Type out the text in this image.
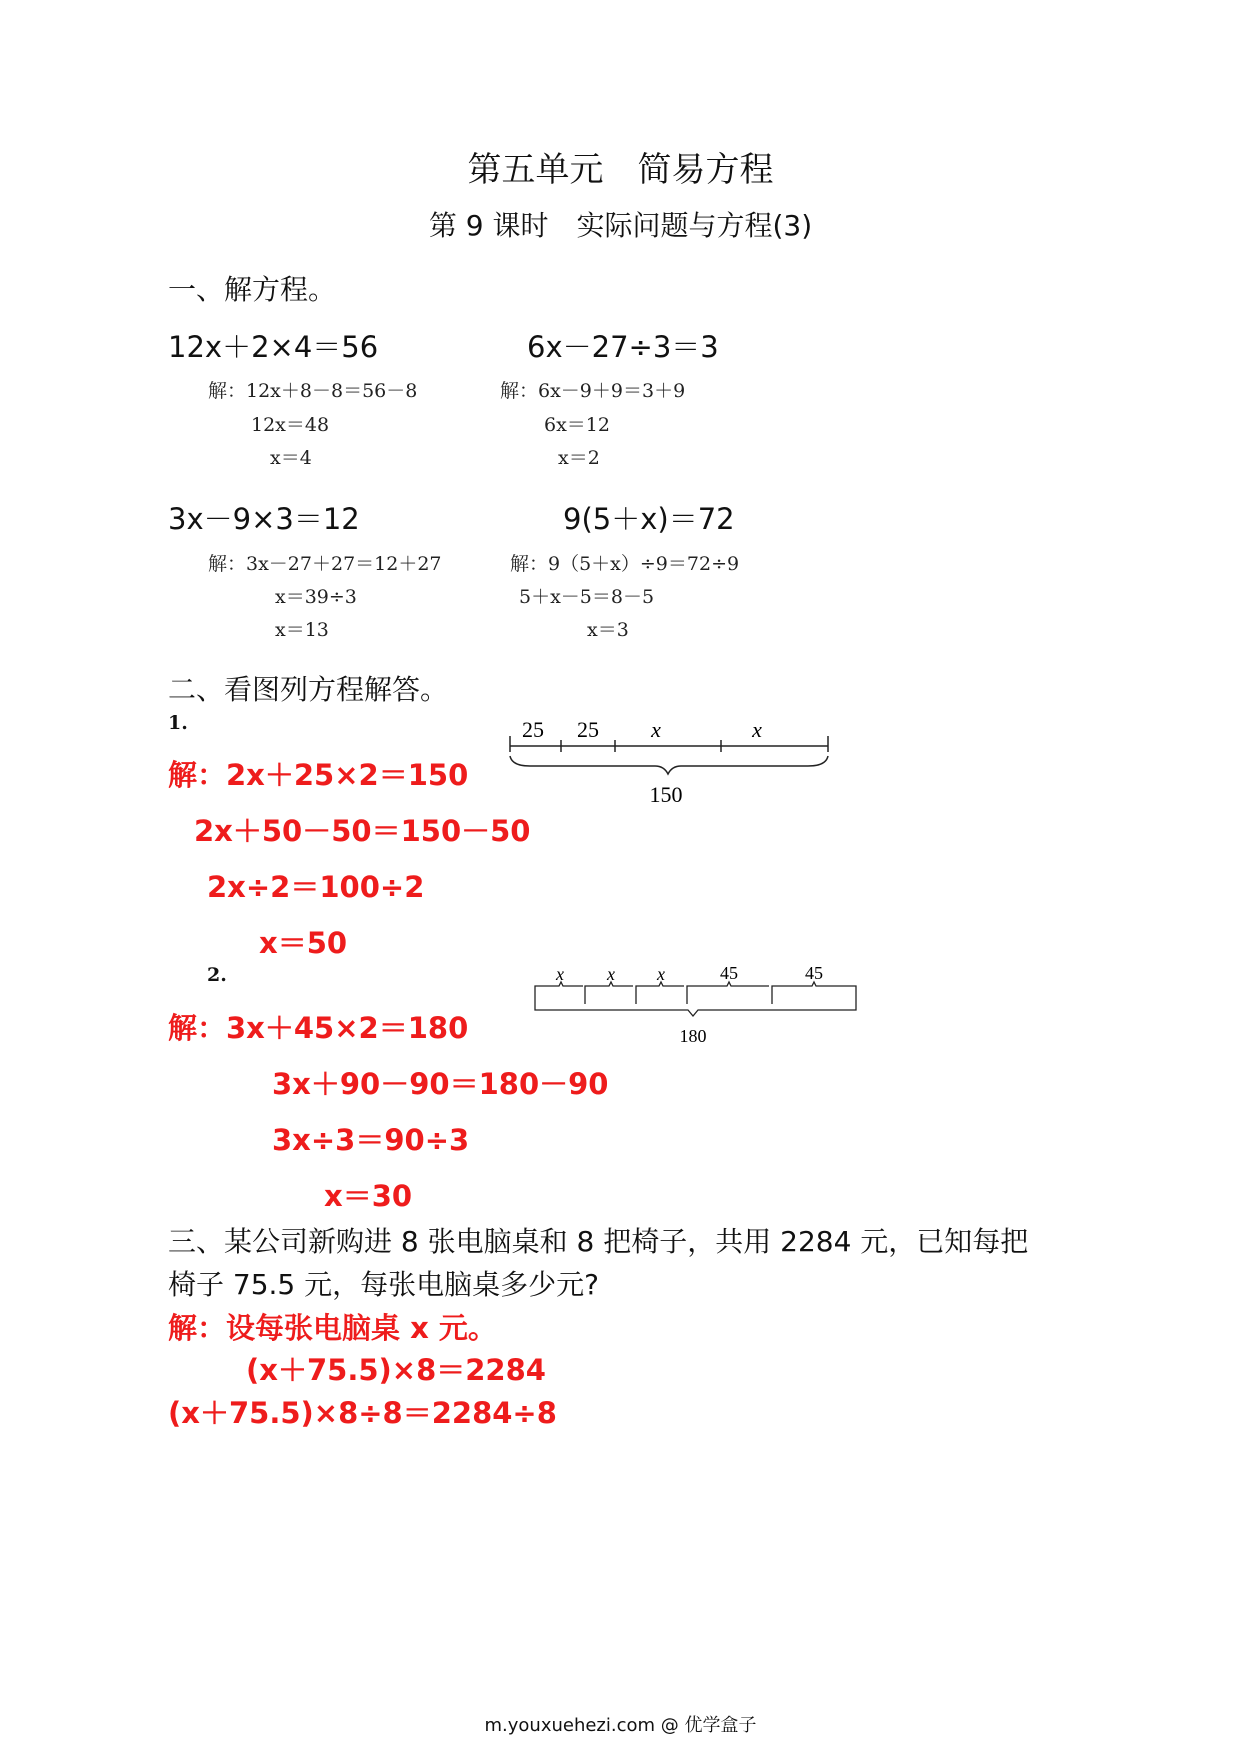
第五单元　简易方程
第 9 课时　实际问题与方程(3)
一、解方程。
12x＋2×4＝56
解：12x＋8－8＝56－8
12x＝48
x＝4
6x－27÷3＝3
解：6x－9＋9＝3＋9
6x＝12
x＝2
3x－9×3＝12
解：3x－27＋27＝12＋27
x＝39÷3
x＝13
9(5＋x)＝72
解：9（5＋x）÷9＝72÷9
5＋x－5＝8－5
x＝3
二、看图列方程解答。
1.	25 25 x	x
150
解：2x＋25×2＝150
2x＋50－50＝150－50
2x÷2＝100÷2
x＝50
2.	x x x	45	45
180
解：3x＋45×2＝180
3x＋90－90＝180－90
3x÷3＝90÷3
x＝30
三、某公司新购进 8 张电脑桌和 8 把椅子，共用 2284 元，已知每把
椅子 75.5 元，每张电脑桌多少元?
解：设每张电脑桌 x 元。
(x＋75.5)×8＝2284
(x＋75.5)×8÷8＝2284÷8
m.youxuehezi.com @ 优学盒子
